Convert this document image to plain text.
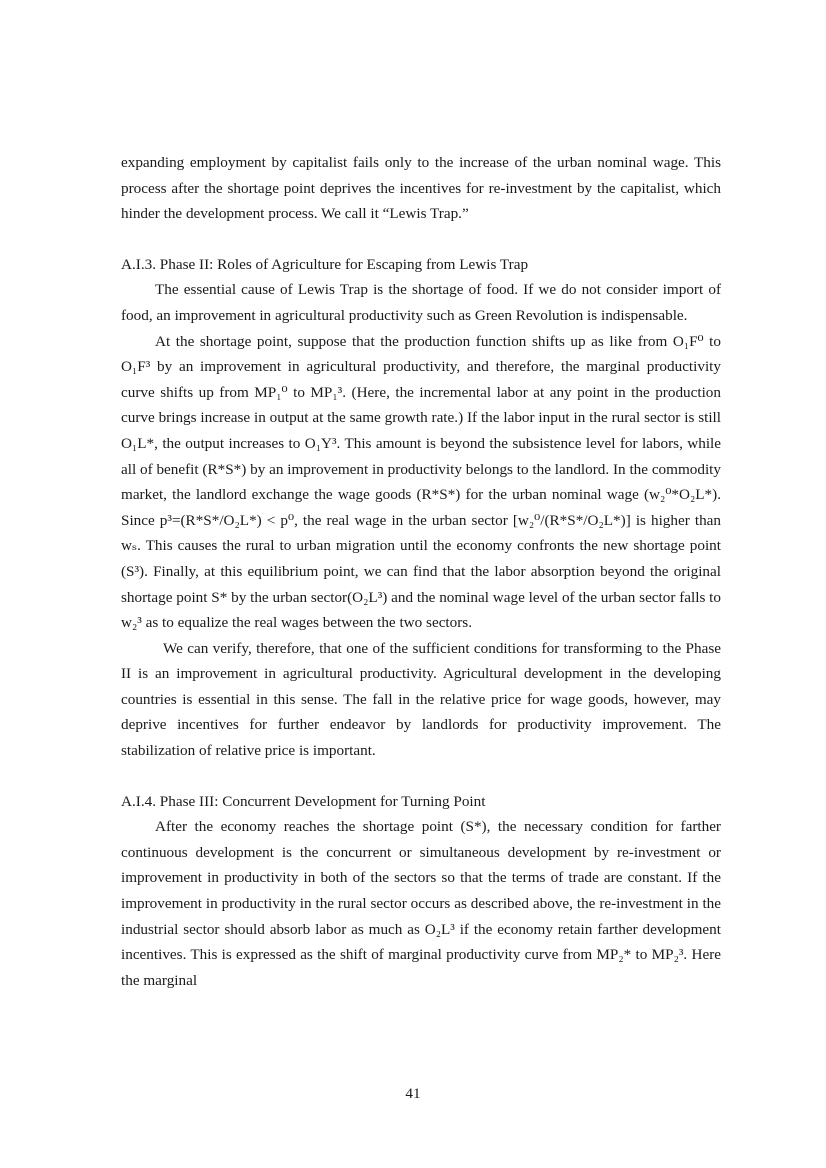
expanding employment by capitalist fails only to the increase of the urban nominal wage. This process after the shortage point deprives the incentives for re-investment by the capitalist, which hinder the development process. We call it “Lewis Trap.”

A.I.3. Phase II: Roles of Agriculture for Escaping from Lewis Trap

The essential cause of Lewis Trap is the shortage of food. If we do not consider import of food, an improvement in agricultural productivity such as Green Revolution is indispensable.

At the shortage point, suppose that the production function shifts up as like from O₁F⁰ to O₁F³ by an improvement in agricultural productivity, and therefore, the marginal productivity curve shifts up from MP₁⁰ to MP₁³. (Here, the incremental labor at any point in the production curve brings increase in output at the same growth rate.) If the labor input in the rural sector is still O₁L*, the output increases to O₁Y³. This amount is beyond the subsistence level for labors, while all of benefit (R*S*) by an improvement in productivity belongs to the landlord. In the commodity market, the landlord exchange the wage goods (R*S*) for the urban nominal wage (w₂⁰*O₂L*). Since p³=(R*S*/O₂L*) < p⁰, the real wage in the urban sector [w₂⁰/(R*S*/O₂L*)] is higher than wₛ. This causes the rural to urban migration until the economy confronts the new shortage point (S³). Finally, at this equilibrium point, we can find that the labor absorption beyond the original shortage point S* by the urban sector(O₂L³) and the nominal wage level of the urban sector falls to w₂³ as to equalize the real wages between the two sectors.

We can verify, therefore, that one of the sufficient conditions for transforming to the Phase II is an improvement in agricultural productivity. Agricultural development in the developing countries is essential in this sense. The fall in the relative price for wage goods, however, may deprive incentives for further endeavor by landlords for productivity improvement. The stabilization of relative price is important.

A.I.4. Phase III: Concurrent Development for Turning Point

After the economy reaches the shortage point (S*), the necessary condition for farther continuous development is the concurrent or simultaneous development by re-investment or improvement in productivity in both of the sectors so that the terms of trade are constant. If the improvement in productivity in the rural sector occurs as described above, the re-investment in the industrial sector should absorb labor as much as O₂L³ if the economy retain farther development incentives. This is expressed as the shift of marginal productivity curve from MP₂* to MP₂³. Here the marginal

41
